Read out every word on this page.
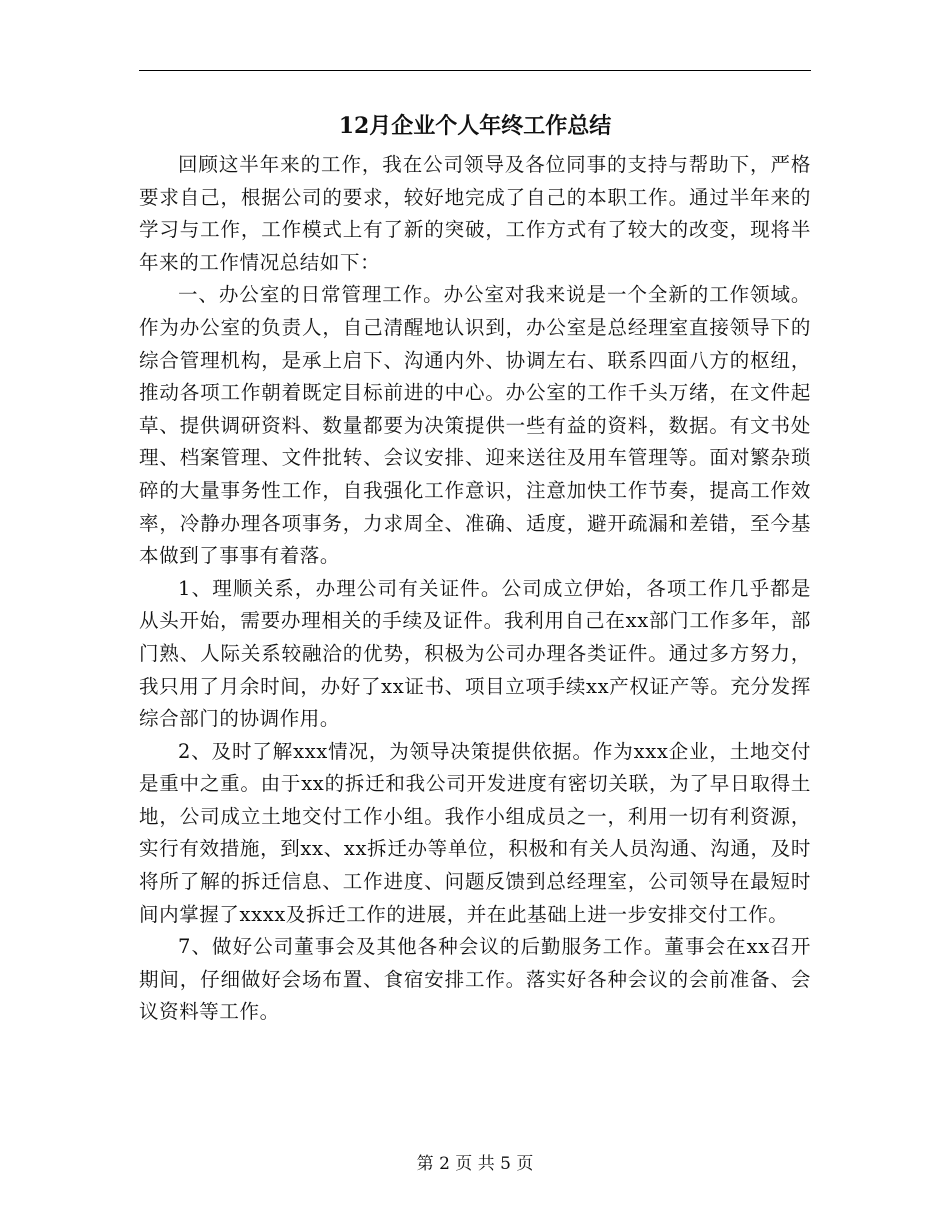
12月企业个人年终工作总结

回顾这半年来的工作，我在公司领导及各位同事的支持与帮助下，严格要求自己，根据公司的要求，较好地完成了自己的本职工作。通过半年来的学习与工作，工作模式上有了新的突破，工作方式有了较大的改变，现将半年来的工作情况总结如下：

一、办公室的日常管理工作。办公室对我来说是一个全新的工作领域。作为办公室的负责人，自己清醒地认识到，办公室是总经理室直接领导下的综合管理机构，是承上启下、沟通内外、协调左右、联系四面八方的枢纽，推动各项工作朝着既定目标前进的中心。办公室的工作千头万绪，在文件起草、提供调研资料、数量都要为决策提供一些有益的资料，数据。有文书处理、档案管理、文件批转、会议安排、迎来送往及用车管理等。面对繁杂琐碎的大量事务性工作，自我强化工作意识，注意加快工作节奏，提高工作效率，冷静办理各项事务，力求周全、准确、适度，避开疏漏和差错，至今基本做到了事事有着落。

1、理顺关系，办理公司有关证件。公司成立伊始，各项工作几乎都是从头开始，需要办理相关的手续及证件。我利用自己在xx部门工作多年，部门熟、人际关系较融洽的优势，积极为公司办理各类证件。通过多方努力，我只用了月余时间，办好了xx证书、项目立项手续xx产权证产等。充分发挥综合部门的协调作用。

2、及时了解xxx情况，为领导决策提供依据。作为xxx企业，土地交付是重中之重。由于xx的拆迁和我公司开发进度有密切关联，为了早日取得土地，公司成立土地交付工作小组。我作小组成员之一，利用一切有利资源，实行有效措施，到xx、xx拆迁办等单位，积极和有关人员沟通、沟通，及时将所了解的拆迁信息、工作进度、问题反馈到总经理室，公司领导在最短时间内掌握了xxxx及拆迁工作的进展，并在此基础上进一步安排交付工作。

7、做好公司董事会及其他各种会议的后勤服务工作。董事会在xx召开期间，仔细做好会场布置、食宿安排工作。落实好各种会议的会前准备、会议资料等工作。

第 2 页 共 5 页
